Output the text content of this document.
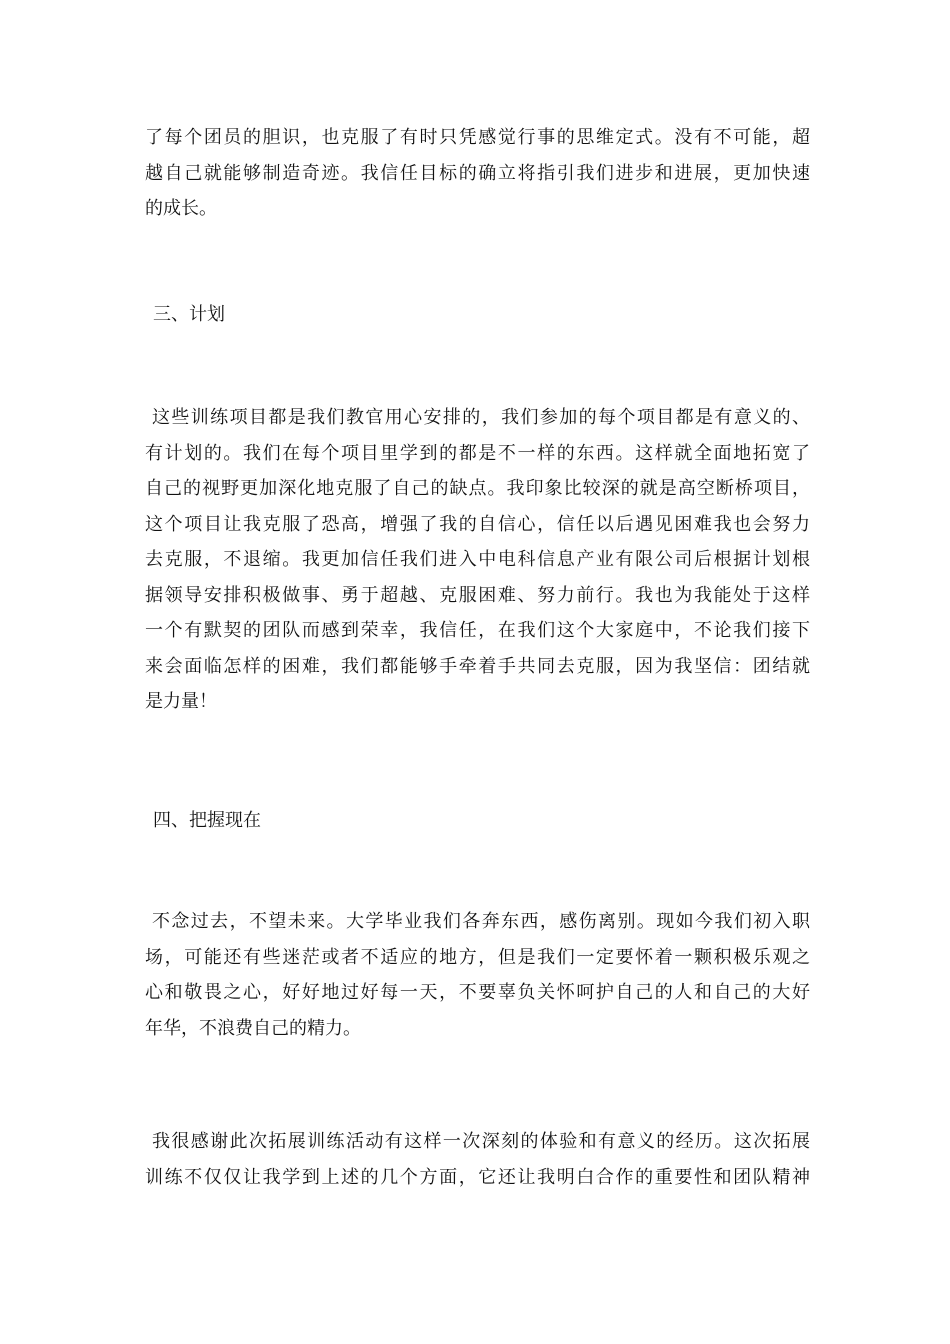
了每个团员的胆识，也克服了有时只凭感觉行事的思维定式。没有不可能，超
越自己就能够制造奇迹。我信任目标的确立将指引我们进步和进展，更加快速
的成长。
三、计划
这些训练项目都是我们教官用心安排的，我们参加的每个项目都是有意义的、
有计划的。我们在每个项目里学到的都是不一样的东西。这样就全面地拓宽了
自己的视野更加深化地克服了自己的缺点。我印象比较深的就是高空断桥项目，
这个项目让我克服了恐高，增强了我的自信心，信任以后遇见困难我也会努力
去克服，不退缩。我更加信任我们进入中电科信息产业有限公司后根据计划根
据领导安排积极做事、勇于超越、克服困难、努力前行。我也为我能处于这样
一个有默契的团队而感到荣幸，我信任，在我们这个大家庭中，不论我们接下
来会面临怎样的困难，我们都能够手牵着手共同去克服，因为我坚信：团结就
是力量！
四、把握现在
不念过去，不望未来。大学毕业我们各奔东西，感伤离别。现如今我们初入职
场，可能还有些迷茫或者不适应的地方，但是我们一定要怀着一颗积极乐观之
心和敬畏之心，好好地过好每一天，不要辜负关怀呵护自己的人和自己的大好
年华，不浪费自己的精力。
我很感谢此次拓展训练活动有这样一次深刻的体验和有意义的经历。这次拓展
训练不仅仅让我学到上述的几个方面，它还让我明白合作的重要性和团队精神
